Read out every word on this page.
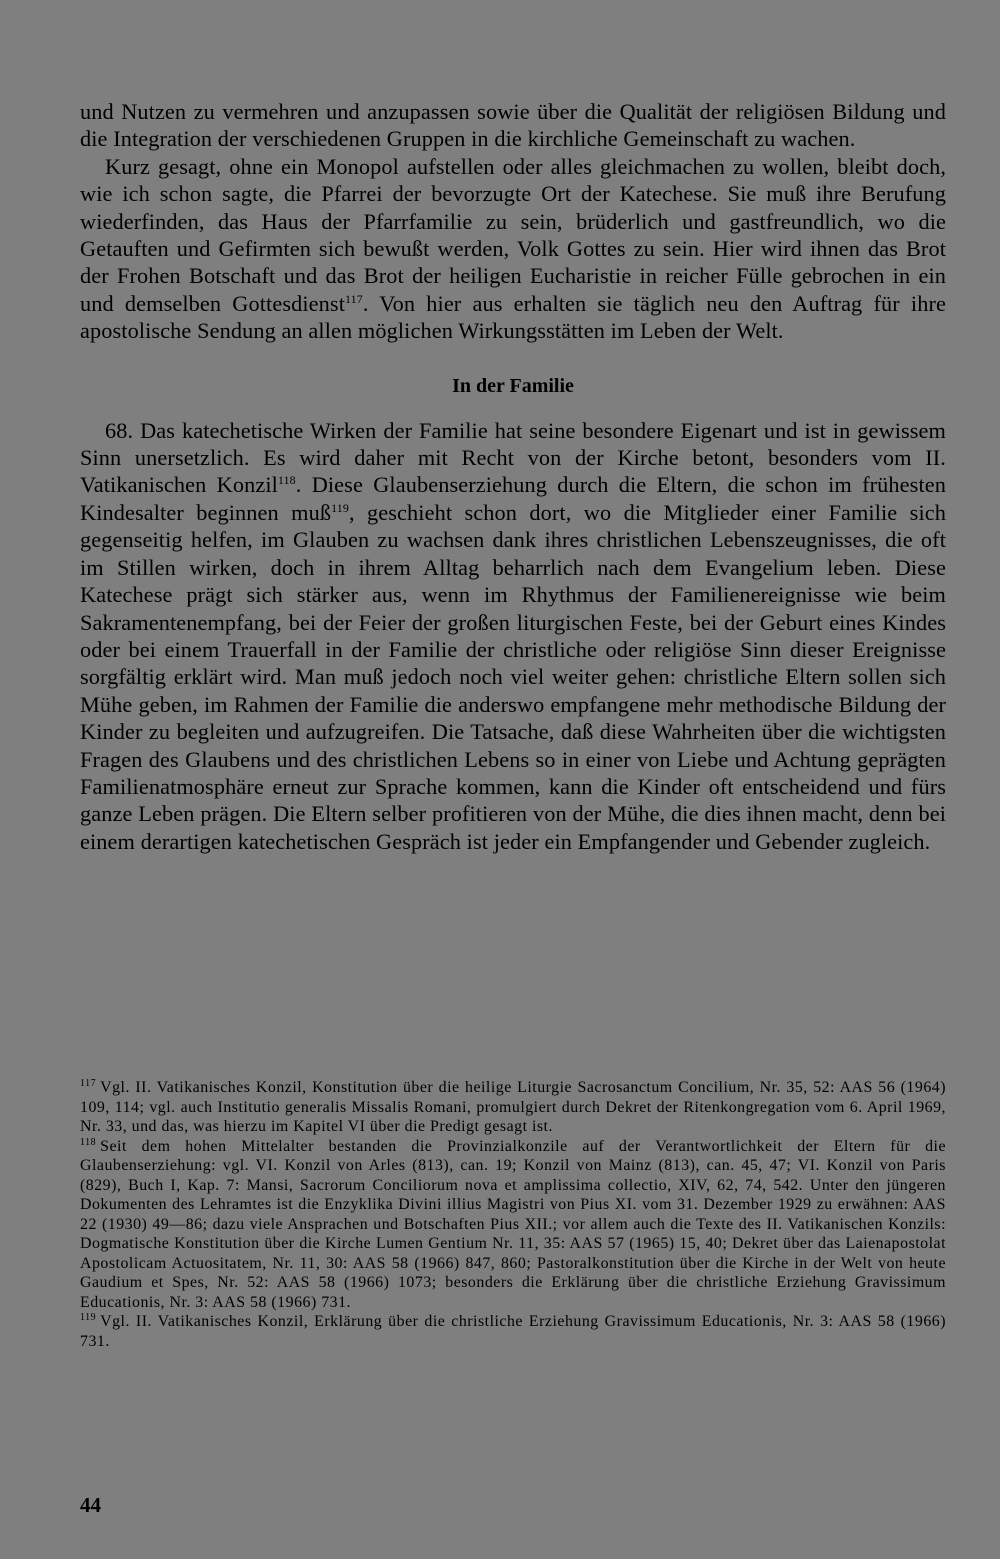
und Nutzen zu vermehren und anzupassen sowie über die Qualität der religiösen Bildung und die Integration der verschiedenen Gruppen in die kirchliche Gemeinschaft zu wachen.

Kurz gesagt, ohne ein Monopol aufstellen oder alles gleichmachen zu wollen, bleibt doch, wie ich schon sagte, die Pfarrei der bevorzugte Ort der Katechese. Sie muß ihre Berufung wiederfinden, das Haus der Pfarrfamilie zu sein, brüderlich und gastfreundlich, wo die Getauften und Gefirmten sich bewußt werden, Volk Gottes zu sein. Hier wird ihnen das Brot der Frohen Botschaft und das Brot der heiligen Eucharistie in reicher Fülle gebrochen in ein und demselben Gottesdienst$^{117}$. Von hier aus erhalten sie täglich neu den Auftrag für ihre apostolische Sendung an allen möglichen Wirkungsstätten im Leben der Welt.

In der Familie

68. Das katechetische Wirken der Familie hat seine besondere Eigenart und ist in gewissem Sinn unersetzlich. Es wird daher mit Recht von der Kirche betont, besonders vom II. Vatikanischen Konzil$^{118}$. Diese Glaubenserziehung durch die Eltern, die schon im frühesten Kindesalter beginnen muß$^{119}$, geschieht schon dort, wo die Mitglieder einer Familie sich gegenseitig helfen, im Glauben zu wachsen dank ihres christlichen Lebenszeugnisses, die oft im Stillen wirken, doch in ihrem Alltag beharrlich nach dem Evangelium leben. Diese Katechese prägt sich stärker aus, wenn im Rhythmus der Familienereignisse wie beim Sakramentenempfang, bei der Feier der großen liturgischen Feste, bei der Geburt eines Kindes oder bei einem Trauerfall in der Familie der christliche oder religiöse Sinn dieser Ereignisse sorgfältig erklärt wird. Man muß jedoch noch viel weiter gehen: christliche Eltern sollen sich Mühe geben, im Rahmen der Familie die anderswo empfangene mehr methodische Bildung der Kinder zu begleiten und aufzugreifen. Die Tatsache, daß diese Wahrheiten über die wichtigsten Fragen des Glaubens und des christlichen Lebens so in einer von Liebe und Achtung geprägten Familienatmosphäre erneut zur Sprache kommen, kann die Kinder oft entscheidend und fürs ganze Leben prägen. Die Eltern selber profitieren von der Mühe, die dies ihnen macht, denn bei einem derartigen katechetischen Gespräch ist jeder ein Empfangender und Gebender zugleich.

$^{117}$ Vgl. II. Vatikanisches Konzil, Konstitution über die heilige Liturgie Sacrosanctum Concilium, Nr. 35, 52: AAS 56 (1964) 109, 114; vgl. auch Institutio generalis Missalis Romani, promulgiert durch Dekret der Ritenkongregation vom 6. April 1969, Nr. 33, und das, was hierzu im Kapitel VI über die Predigt gesagt ist.

$^{118}$ Seit dem hohen Mittelalter bestanden die Provinzialkonzile auf der Verantwortlichkeit der Eltern für die Glaubenserziehung: vgl. VI. Konzil von Arles (813), can. 19; Konzil von Mainz (813), can. 45, 47; VI. Konzil von Paris (829), Buch I, Kap. 7: Mansi, Sacrorum Conciliorum nova et amplissima collectio, XIV, 62, 74, 542. Unter den jüngeren Dokumenten des Lehramtes ist die Enzyklika Divini illius Magistri von Pius XI. vom 31. Dezember 1929 zu erwähnen: AAS 22 (1930) 49—86; dazu viele Ansprachen und Botschaften Pius XII.; vor allem auch die Texte des II. Vatikanischen Konzils: Dogmatische Konstitution über die Kirche Lumen Gentium Nr. 11, 35: AAS 57 (1965) 15, 40; Dekret über das Laienapostolat Apostolicam Actuositatem, Nr. 11, 30: AAS 58 (1966) 847, 860; Pastoralkonstitution über die Kirche in der Welt von heute Gaudium et Spes, Nr. 52: AAS 58 (1966) 1073; besonders die Erklärung über die christliche Erziehung Gravissimum Educationis, Nr. 3: AAS 58 (1966) 731.

$^{119}$ Vgl. II. Vatikanisches Konzil, Erklärung über die christliche Erziehung Gravissimum Educationis, Nr. 3: AAS 58 (1966) 731.

44
